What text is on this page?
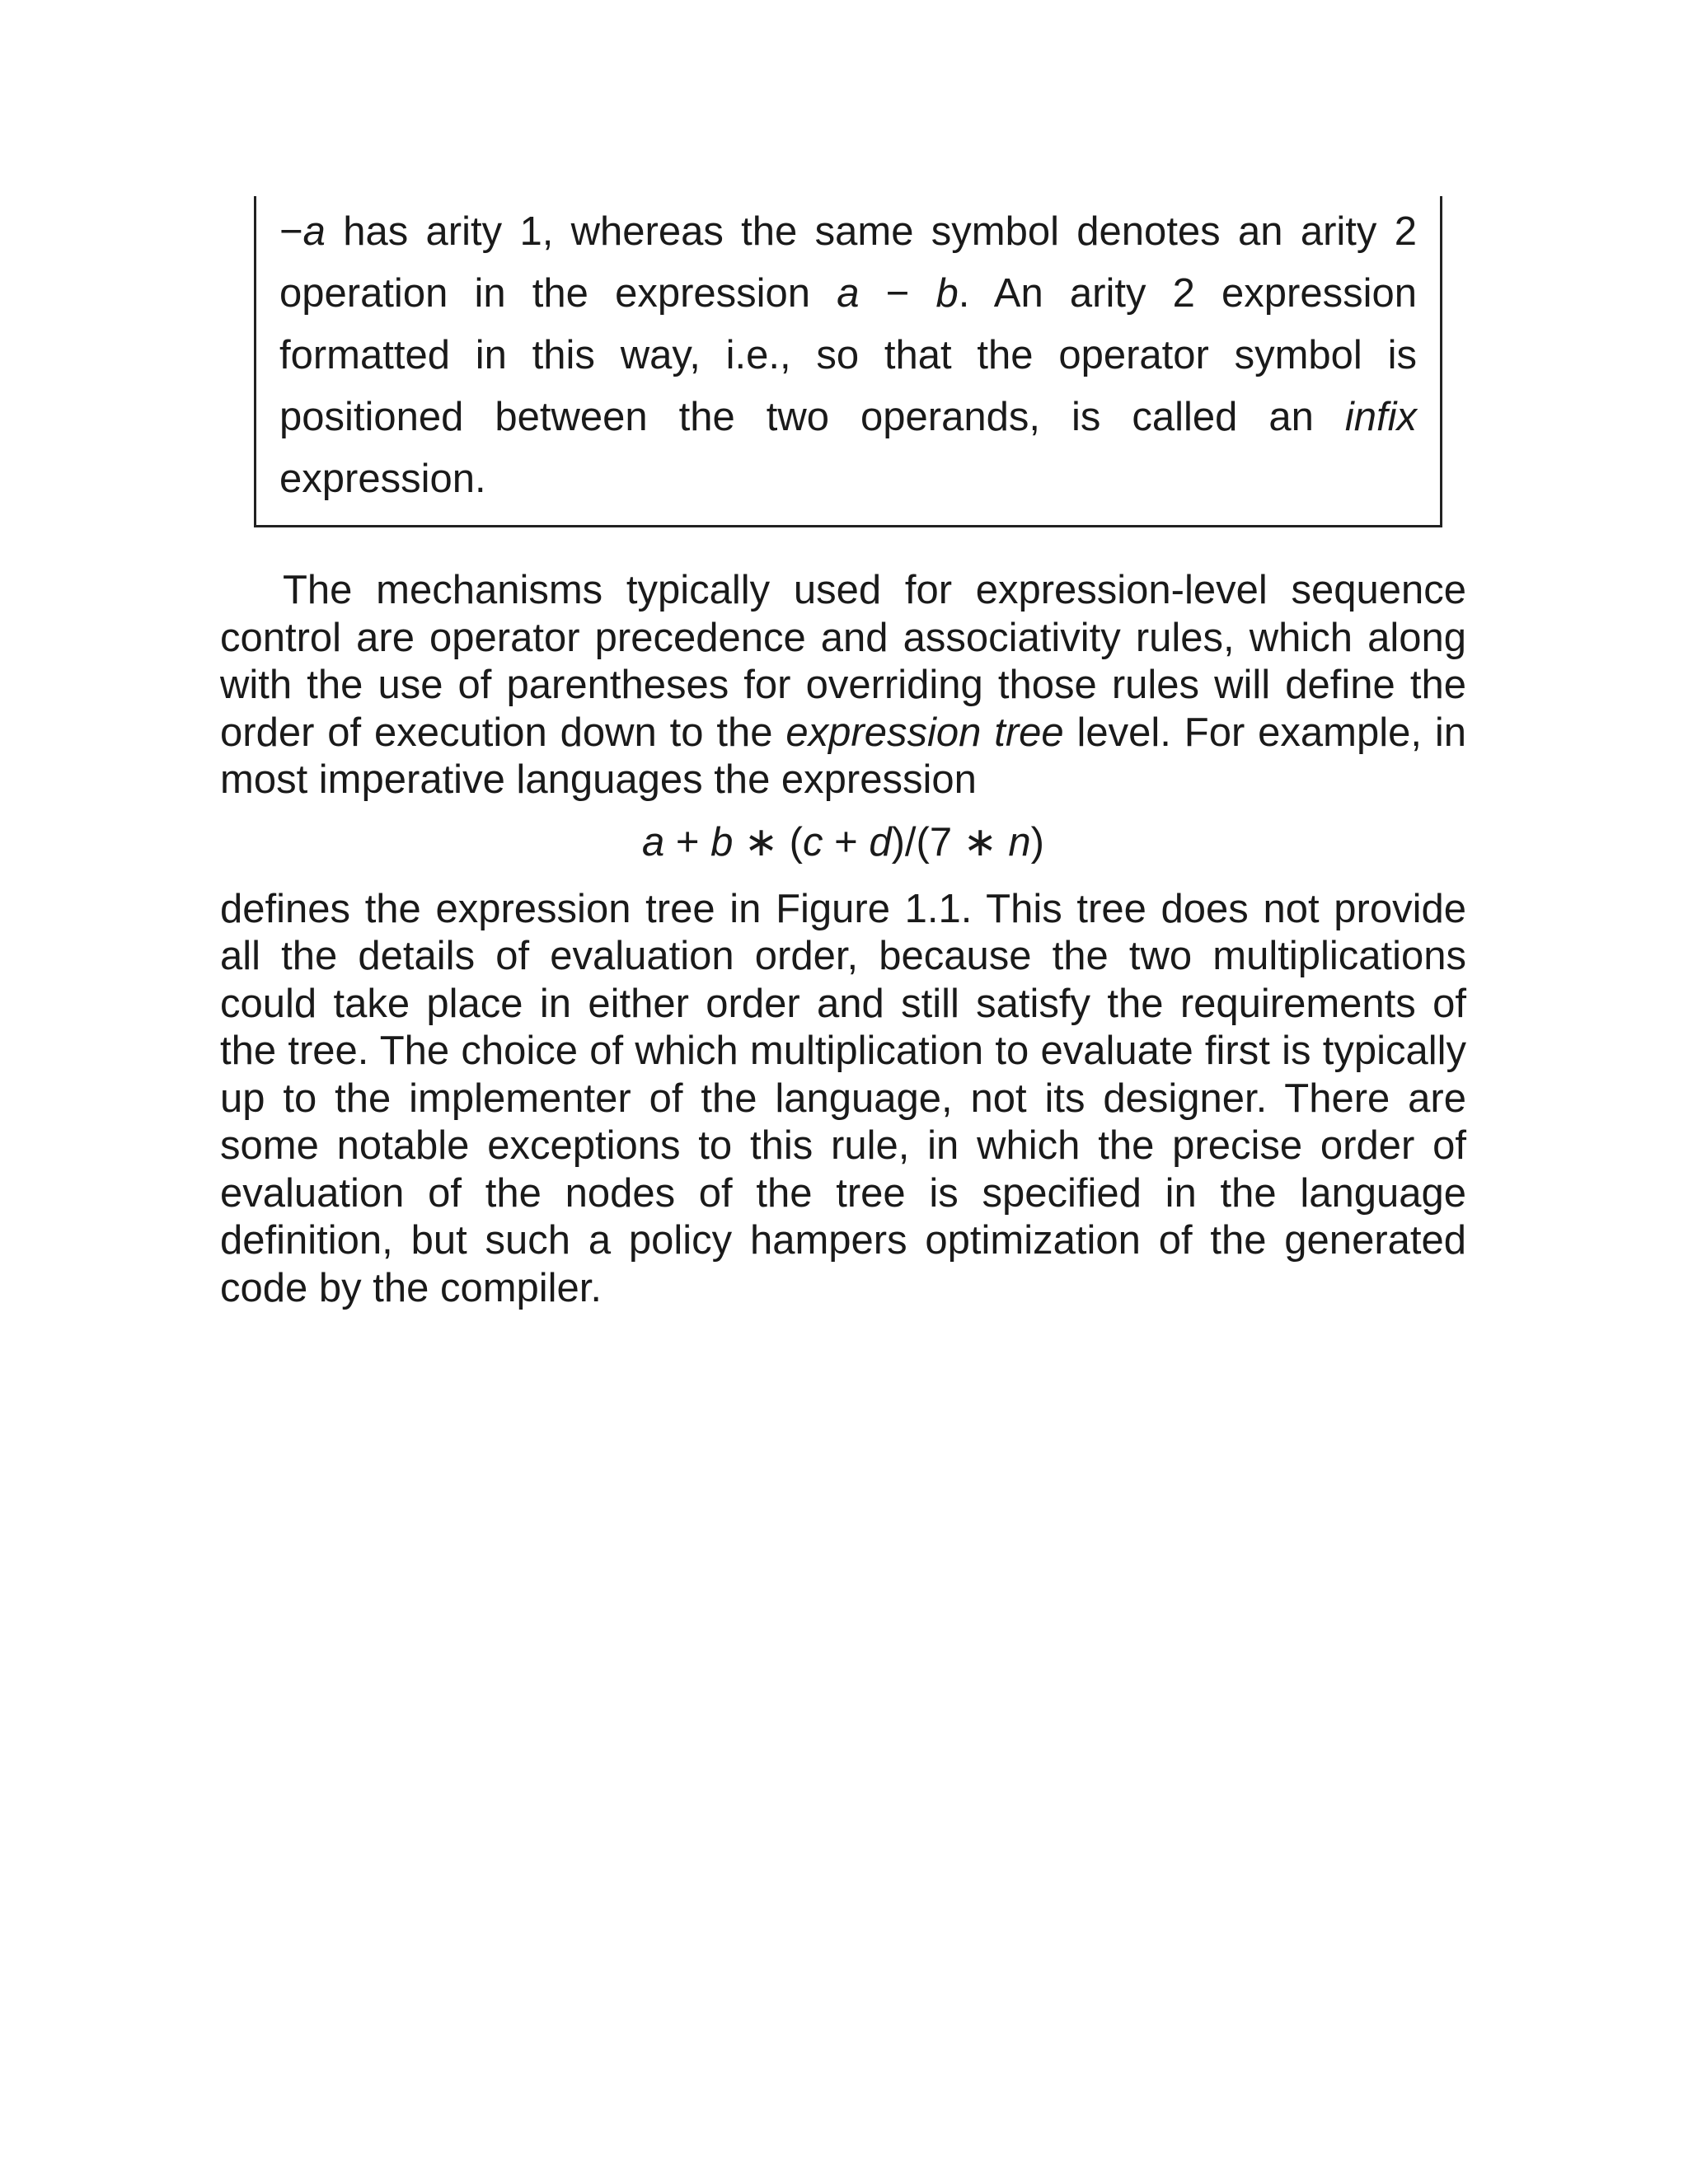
−a has arity 1, whereas the same symbol denotes an arity 2 operation in the expression a − b. An arity 2 expression formatted in this way, i.e., so that the operator symbol is positioned between the two operands, is called an infix expression.

The mechanisms typically used for expression-level sequence control are operator precedence and associativity rules, which along with the use of parentheses for overriding those rules will define the order of execution down to the expression tree level. For example, in most imperative languages the expression

a + b ∗ (c + d)/(7 ∗ n)

defines the expression tree in Figure 1.1. This tree does not provide all the details of evaluation order, because the two multiplications could take place in either order and still satisfy the requirements of the tree. The choice of which multiplication to evaluate first is typically up to the implementer of the language, not its designer. There are some notable exceptions to this rule, in which the precise order of evaluation of the nodes of the tree is specified in the language definition, but such a policy hampers optimization of the generated code by the compiler.
